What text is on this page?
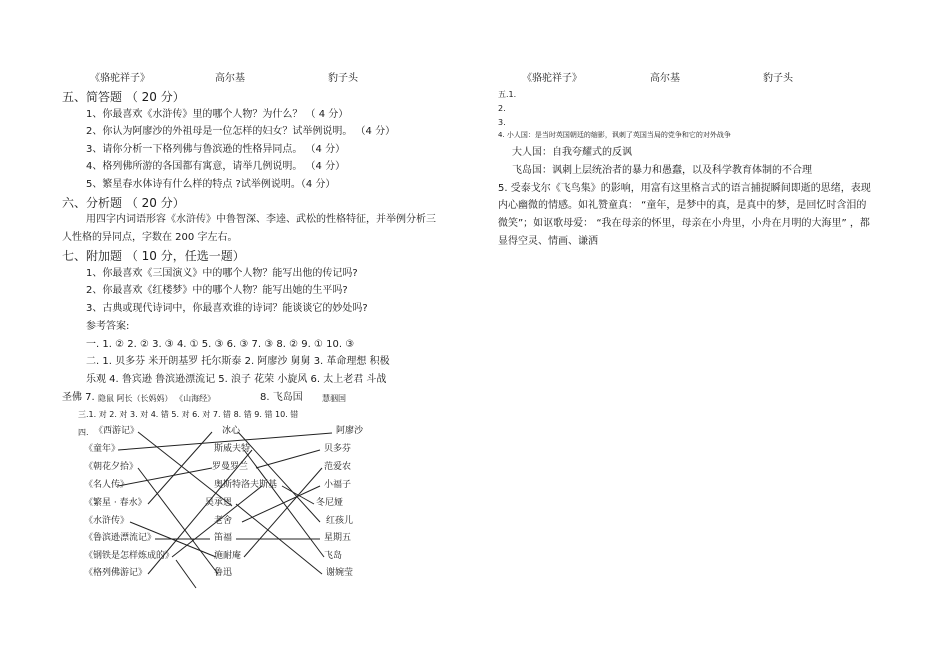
《骆驼祥子》	高尔基	豹子头
五、简答题 （ 20 分）
1、你最喜欢《水浒传》里的哪个人物？为什么？ （ 4 分）
2、你认为阿廖沙的外祖母是一位怎样的妇女？试举例说明。 （4 分）
3、请你分析一下格列佛与鲁滨逊的性格异同点。 （4 分）
4、格列佛所游的各国都有寓意，请举几例说明。 （4 分）
5、繁星春水体诗有什么样的特点 ?试举例说明。（4 分）
六、分析题 （ 20 分）
用四字内词语形容《水浒传》中鲁智深、李逵、武松的性格特征，并举例分析三
人性格的异同点，字数在 200 字左右。
七、附加题 （ 10 分，任选一题）
1、你最喜欢《三国演义》中的哪个人物？能写出他的传记吗?
2、你最喜欢《红楼梦》中的哪个人物？能写出她的生平吗?
3、古典或现代诗词中，你最喜欢谁的诗词？能谈谈它的妙处吗?
参考答案:
一. 1. ② 2. ② 3. ③ 4. ① 5. ③ 6. ③ 7. ③ 8. ② 9. ① 10. ③
二. 1. 贝多芬 米开朗基罗 托尔斯泰 2. 阿廖沙 舅舅 3. 革命理想 积极
乐观 4. 鲁宾逊 鲁滨逊漂流记 5. 浪子 花荣 小旋风 6. 太上老君 斗战
圣佛 7. 隐鼠 阿长（长妈妈） 《山海经》	8. 飞岛国 慧骃国
三.1. 对 2. 对 3. 对 4. 错 5. 对 6. 对 7. 错 8. 错 9. 错 10. 错
四. 《西游记》
《童年》
《朝花夕拾》
《名人传》
《繁星 · 春水》
《水浒传》
《鲁滨逊漂流记》
《钢铁是怎样炼成的》
《格列佛游记》
冰心
斯威夫特
罗曼罗兰
奥斯特洛夫斯基
吴承恩
老舍
笛福
施耐庵
鲁迅
阿廖沙
贝多芬
范爱农
小福子
冬尼娅
红孩儿
星期五
飞岛
谢婉莹
《骆驼祥子》	高尔基	豹子头
五.1.
2.
3.
4. 小人国：是当时英国朝廷的缩影，讽刺了英国当局的党争和它的对外战争
大人国：自我夸耀式的反讽
飞岛国：讽刺上层统治者的暴力和愚蠢，以及科学教育体制的不合理
5. 受泰戈尔《飞鸟集》的影响，用富有这里格言式的语言捕捉瞬间即逝的思绪，表现
内心幽微的情感。如礼赞童真： “童年，是梦中的真，是真中的梦，是回忆时含泪的
微笑”；如讴歌母爱： “我在母亲的怀里，母亲在小舟里，小舟在月明的大海里” ，都
显得空灵、情画、谦洒
